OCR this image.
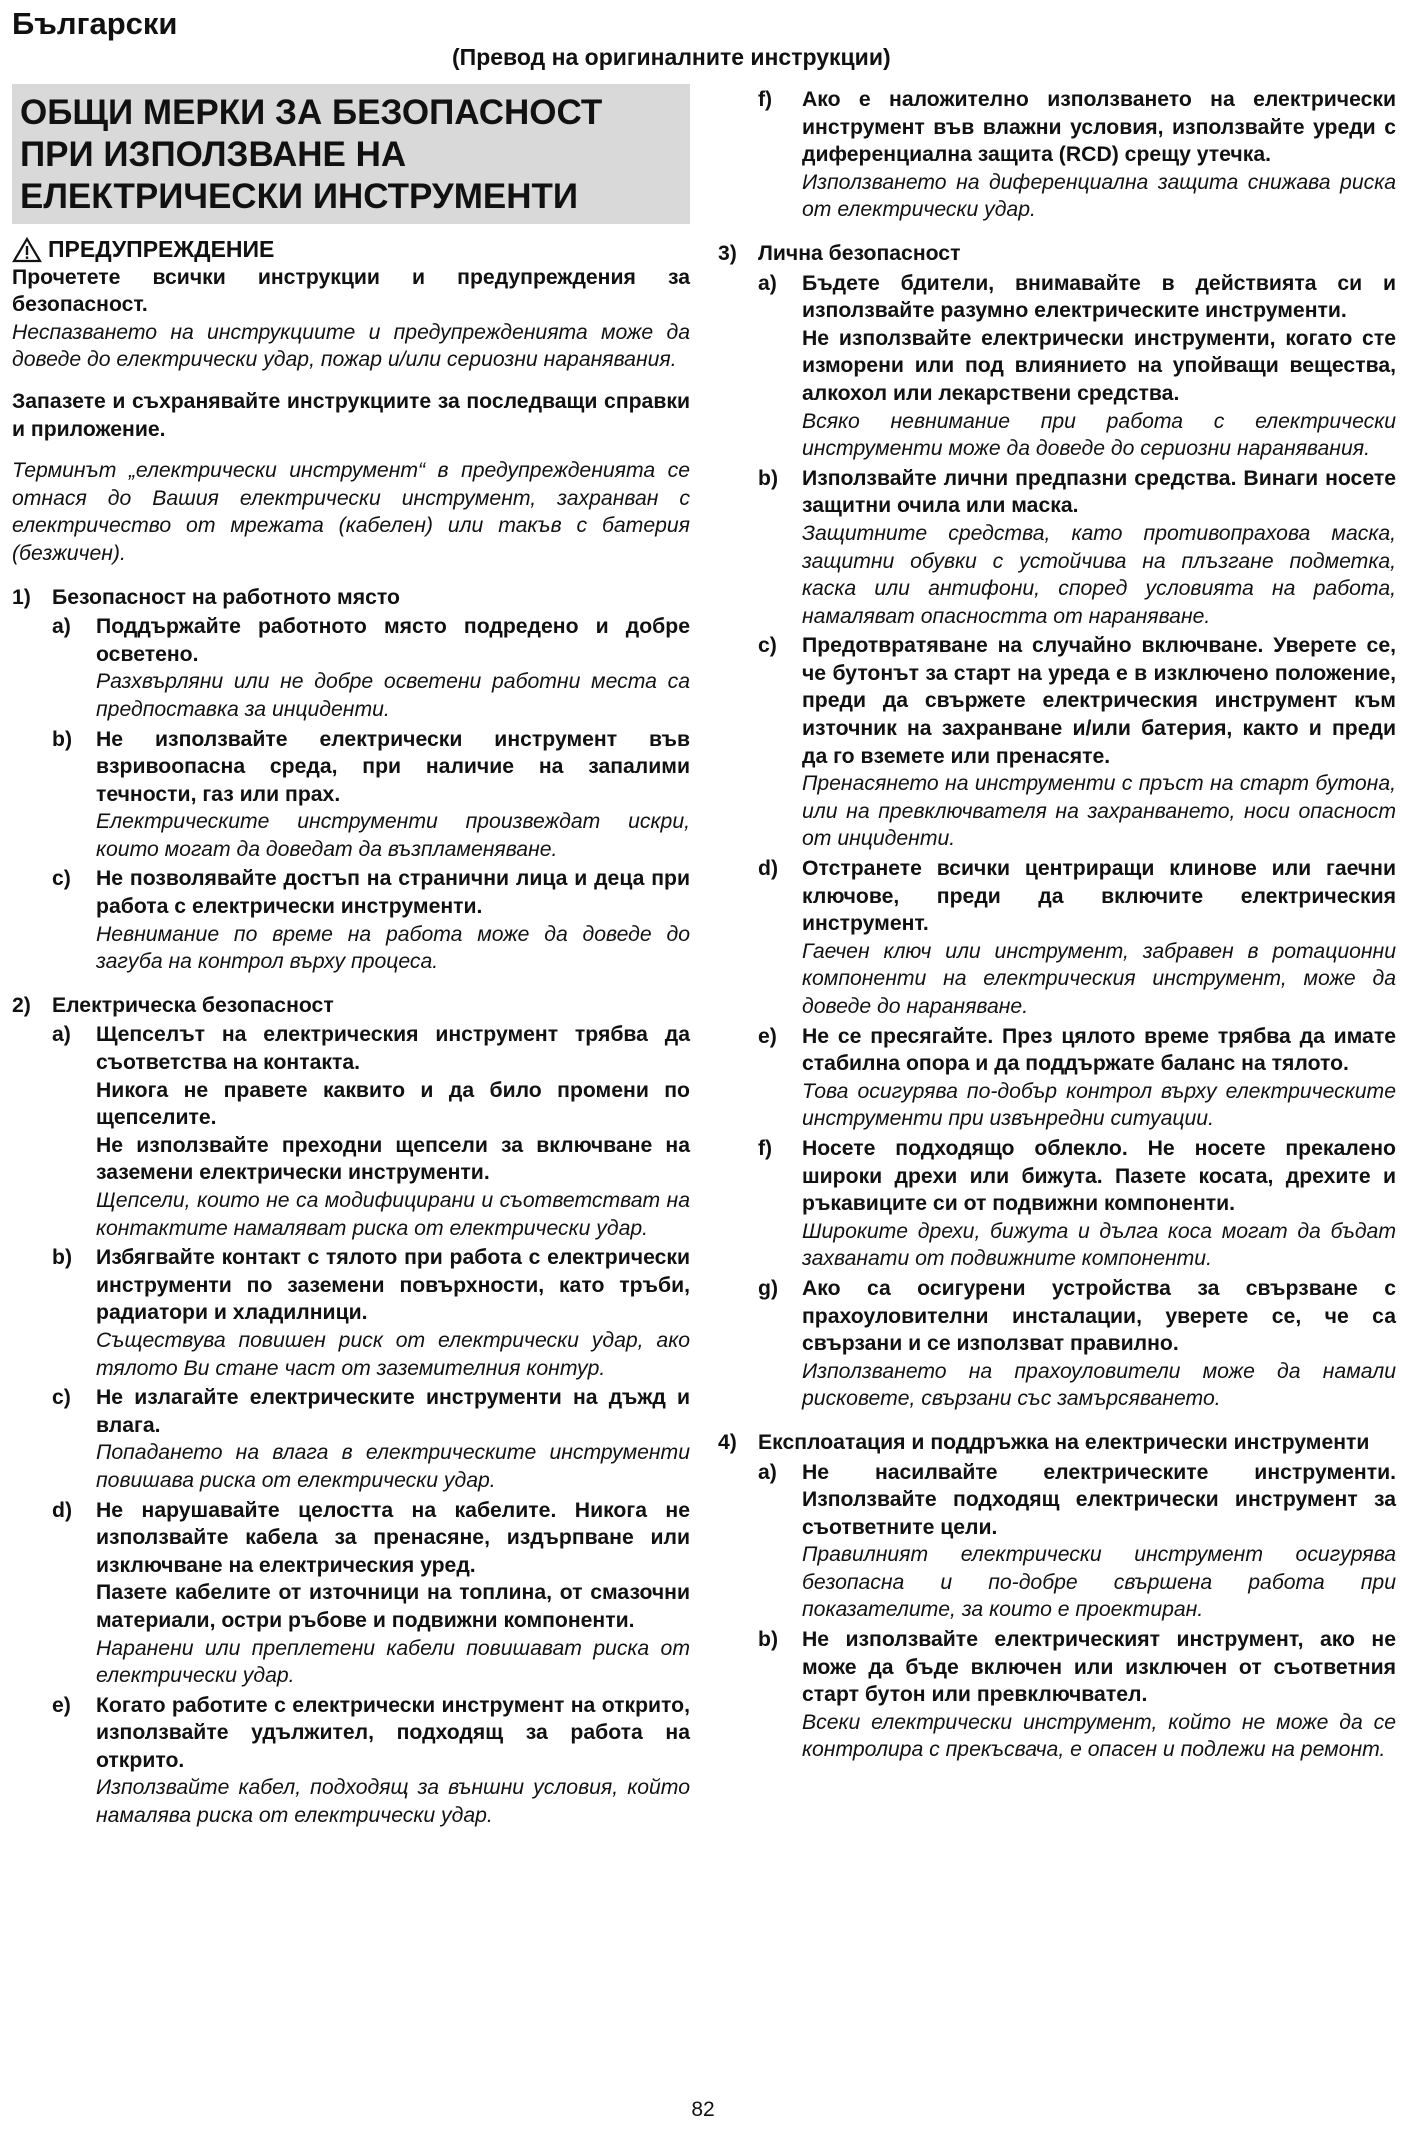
Български
(Превод на оригиналните инструкции)
ОБЩИ МЕРКИ ЗА БЕЗОПАСНОСТ ПРИ ИЗПОЛЗВАНЕ НА ЕЛЕКТРИЧЕСКИ ИНСТРУМЕНТИ
ПРЕДУПРЕЖДЕНИЕ

Прочетете всички инструкции и предупреждения за безопасност.

Неспазването на инструкциите и предупрежденията може да доведе до електрически удар, пожар и/или сериозни наранявания.

Запазете и съхранявайте инструкциите за последващи справки и приложение.

Терминът „електрически инструмент“ в предупрежденията се отнася до Вашия електрически инструмент, захранван с електричество от мрежата (кабелен) или такъв с батерия (безжичен).

1) Безопасност на работното място
a)	Поддържайте работното място подредено и добре осветено.

Разхвърляни или не добре осветени работни места са предпоставка за инциденти.

b)	Не използвайте електрически инструмент във взривоопасна среда, при наличие на запалими течности, газ или прах.

Електрическите инструменти произвеждат искри, които могат да доведат да възпламеняване.

c)	Не позволявайте достъп на странични лица и деца при работа с електрически инструменти.

Невнимание по време на работа може да доведе до загуба на контрол върху процеса.

2) Електрическа безопасност
a)	Щепселът на електрическия инструмент трябва да съответства на контакта.

Никога не правете каквито и да било промени по щепселите.

Не използвайте преходни щепсели за включване на заземени електрически инструменти.

Щепсели, които не са модифицирани и съответстват на контактите намаляват риска от електрически удар.

b)	Избягвайте контакт с тялото при работа с електрически инструменти по заземени повърхности, като тръби, радиатори и хладилници.

Съществува повишен риск от електрически удар, ако тялото Ви стане част от заземителния контур.

c)	Не излагайте електрическите инструменти на дъжд и влага.

Попадането на влага в електрическите инструменти повишава риска от електрически удар.

d)	Не нарушавайте целостта на кабелите. Никога не използвайте кабела за пренасяне, издърпване или изключване на електрическия уред.

Пазете кабелите от източници на топлина, от смазочни материали, остри ръбове и подвижни компоненти.

Наранени или преплетени кабели повишават риска от електрически удар.

e)	Когато работите с електрически инструмент на открито, използвайте удължител, подходящ за работа на открито.

Използвайте кабел, подходящ за външни условия, който намалява риска от електрически удар.

f)	Ако е наложително използването на електрически инструмент във влажни условия, използвайте уреди с диференциална защита (RCD) срещу утечка.

Използването на диференциална защита снижава риска от електрически удар.

3) Лична безопасност
a)	Бъдете бдители, внимавайте в действията си и използвайте разумно електрическите инструменти.

Не използвайте електрически инструменти, когато сте изморени или под влиянието на упойващи вещества, алкохол или лекарствени средства.

Всяко невнимание при работа с електрически инструменти може да доведе до сериозни наранявания.

b)	Използвайте лични предпазни средства. Винаги носете защитни очила или маска.

Защитните средства, като противопрахова маска, защитни обувки с устойчива на плъзгане подметка, каска или антифони, според условията на работа, намаляват опасността от нараняване.

c)	Предотвратяване на случайно включване. Уверете се, че бутонът за старт на уреда е в изключено положение, преди да свържете електрическия инструмент към източник на захранване и/или батерия, както и преди да го вземете или пренасяте.

Пренасянето на инструменти с пръст на старт бутона, или на превключвателя на захранването, носи опасност от инциденти.

d)	Отстранете всички центриращи клинове или гаечни ключове, преди да включите електрическия инструмент.

Гаечен ключ или инструмент, забравен в ротационни компоненти на електрическия инструмент, може да доведе до нараняване.

e)	Не се пресягайте. През цялото време трябва да имате стабилна опора и да поддържате баланс на тялото.

Това осигурява по-добър контрол върху електрическите инструменти при извънредни ситуации.

f)	Носете подходящо облекло. Не носете прекалено широки дрехи или бижута. Пазете косата, дрехите и ръкавиците си от подвижни компоненти.

Широките дрехи, бижута и дълга коса могат да бъдат захванати от подвижните компоненти.

g)	Ако са осигурени устройства за свързване с прахоуловителни инсталации, уверете се, че са свързани и се използват правилно.

Използването на прахоуловители може да намали рисковете, свързани със замърсяването.

4) Експлоатация и поддръжка на електрически инструменти
a)	Не насилвайте електрическите инструменти. Използвайте подходящ електрически инструмент за съответните цели.

Правилният електрически инструмент осигурява безопасна и по-добре свършена работа при показателите, за които е проектиран.

b)	Не използвайте електрическият инструмент, ако не може да бъде включен или изключен от съответния старт бутон или превключвател.

Всеки електрически инструмент, който не може да се контролира с прекъсвача, е опасен и подлежи на ремонт.

82
